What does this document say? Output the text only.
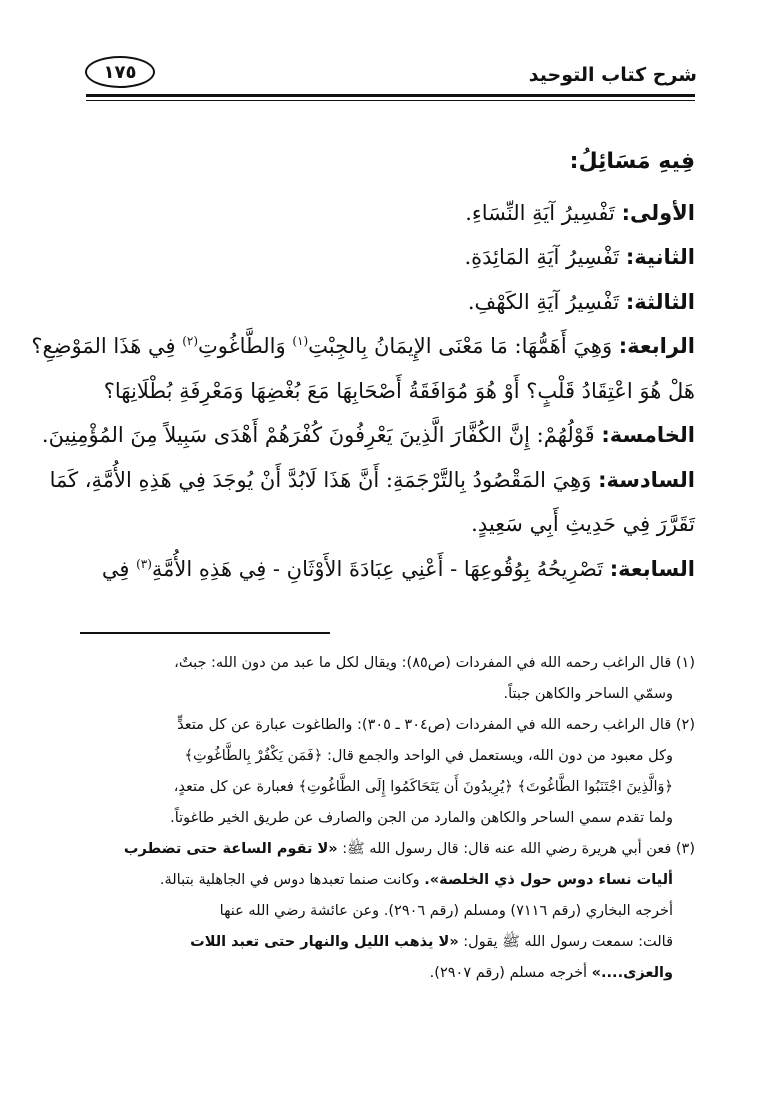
شرح كتاب التوحيد
١٧٥
فِيهِ مَسَائِلُ:
الأولى: تَفْسِيرُ آيَةِ النِّسَاءِ.
الثانية: تَفْسِيرُ آيَةِ المَائِدَةِ.
الثالثة: تَفْسِيرُ آيَةِ الكَهْفِ.
الرابعة: وَهِيَ أَهَمُّهَا: مَا مَعْنَى الإِيمَانُ بِالجِبْتِ$^{(١)}$ وَالطَّاغُوتِ$^{(٢)}$ فِي هَذَا المَوْضِعِ؟
هَلْ هُوَ اعْتِقَادُ قَلْبٍ؟ أَوْ هُوَ مُوَافَقَةُ أَصْحَابِهَا مَعَ بُغْضِهَا وَمَعْرِفَةِ بُطْلَانِهَا؟
الخامسة: قَوْلُهُمْ: إِنَّ الكُفَّارَ الَّذِينَ يَعْرِفُونَ كُفْرَهُمْ أَهْدَى سَبِيلاً مِنَ المُؤْمِنِينَ.
السادسة: وَهِيَ المَقْصُودُ بِالتَّرْجَمَةِ: أَنَّ هَذَا لَابُدَّ أَنْ يُوجَدَ فِي هَذِهِ الأُمَّةِ، كَمَا
تَقَرَّرَ فِي حَدِيثِ أَبِي سَعِيدٍ.
السابعة: تَصْرِيحُهُ بِوُقُوعِهَا - أَعْنِي عِبَادَةَ الأَوْثَانِ - فِي هَذِهِ الأُمَّةِ$^{(٣)}$ فِي
(١) قال الراغب رحمه الله في المفردات (ص٨٥): ويقال لكل ما عبد من دون الله: جبتٌ،
وسمّي الساحر والكاهن جبتاً.
(٢) قال الراغب رحمه الله في المفردات (ص٣٠٤ ـ ٣٠٥): والطاغوت عبارة عن كل متعدٍّ
وكل معبود من دون الله، ويستعمل في الواحد والجمع قال: ﴿فَمَن يَكْفُرْ بِالطَّاغُوتِ﴾
﴿وَالَّذِينَ اجْتَنَبُوا الطَّاغُوتَ﴾ ﴿يُرِيدُونَ أَن يَتَحَاكَمُوا إِلَى الطَّاغُوتِ﴾ فعبارة عن كل متعدٍ،
ولما تقدم سمي الساحر والكاهن والمارد من الجن والصارف عن طريق الخير طاغوتاً.
(٣) فعن أبي هريرة رضي الله عنه قال: قال رسول الله ﷺ: «لا تقوم الساعة حتى تضطرب
أليات نساء دوس حول ذي الخلصة». وكانت صنما تعبدها دوس في الجاهلية بتبالة.
أخرجه البخاري (رقم ٧١١٦) ومسلم (رقم ٢٩٠٦). وعن عائشة رضي الله عنها
قالت: سمعت رسول الله ﷺ يقول: «لا يذهب الليل والنهار حتى تعبد اللات
والعزى....» أخرجه مسلم (رقم ٢٩٠٧).
